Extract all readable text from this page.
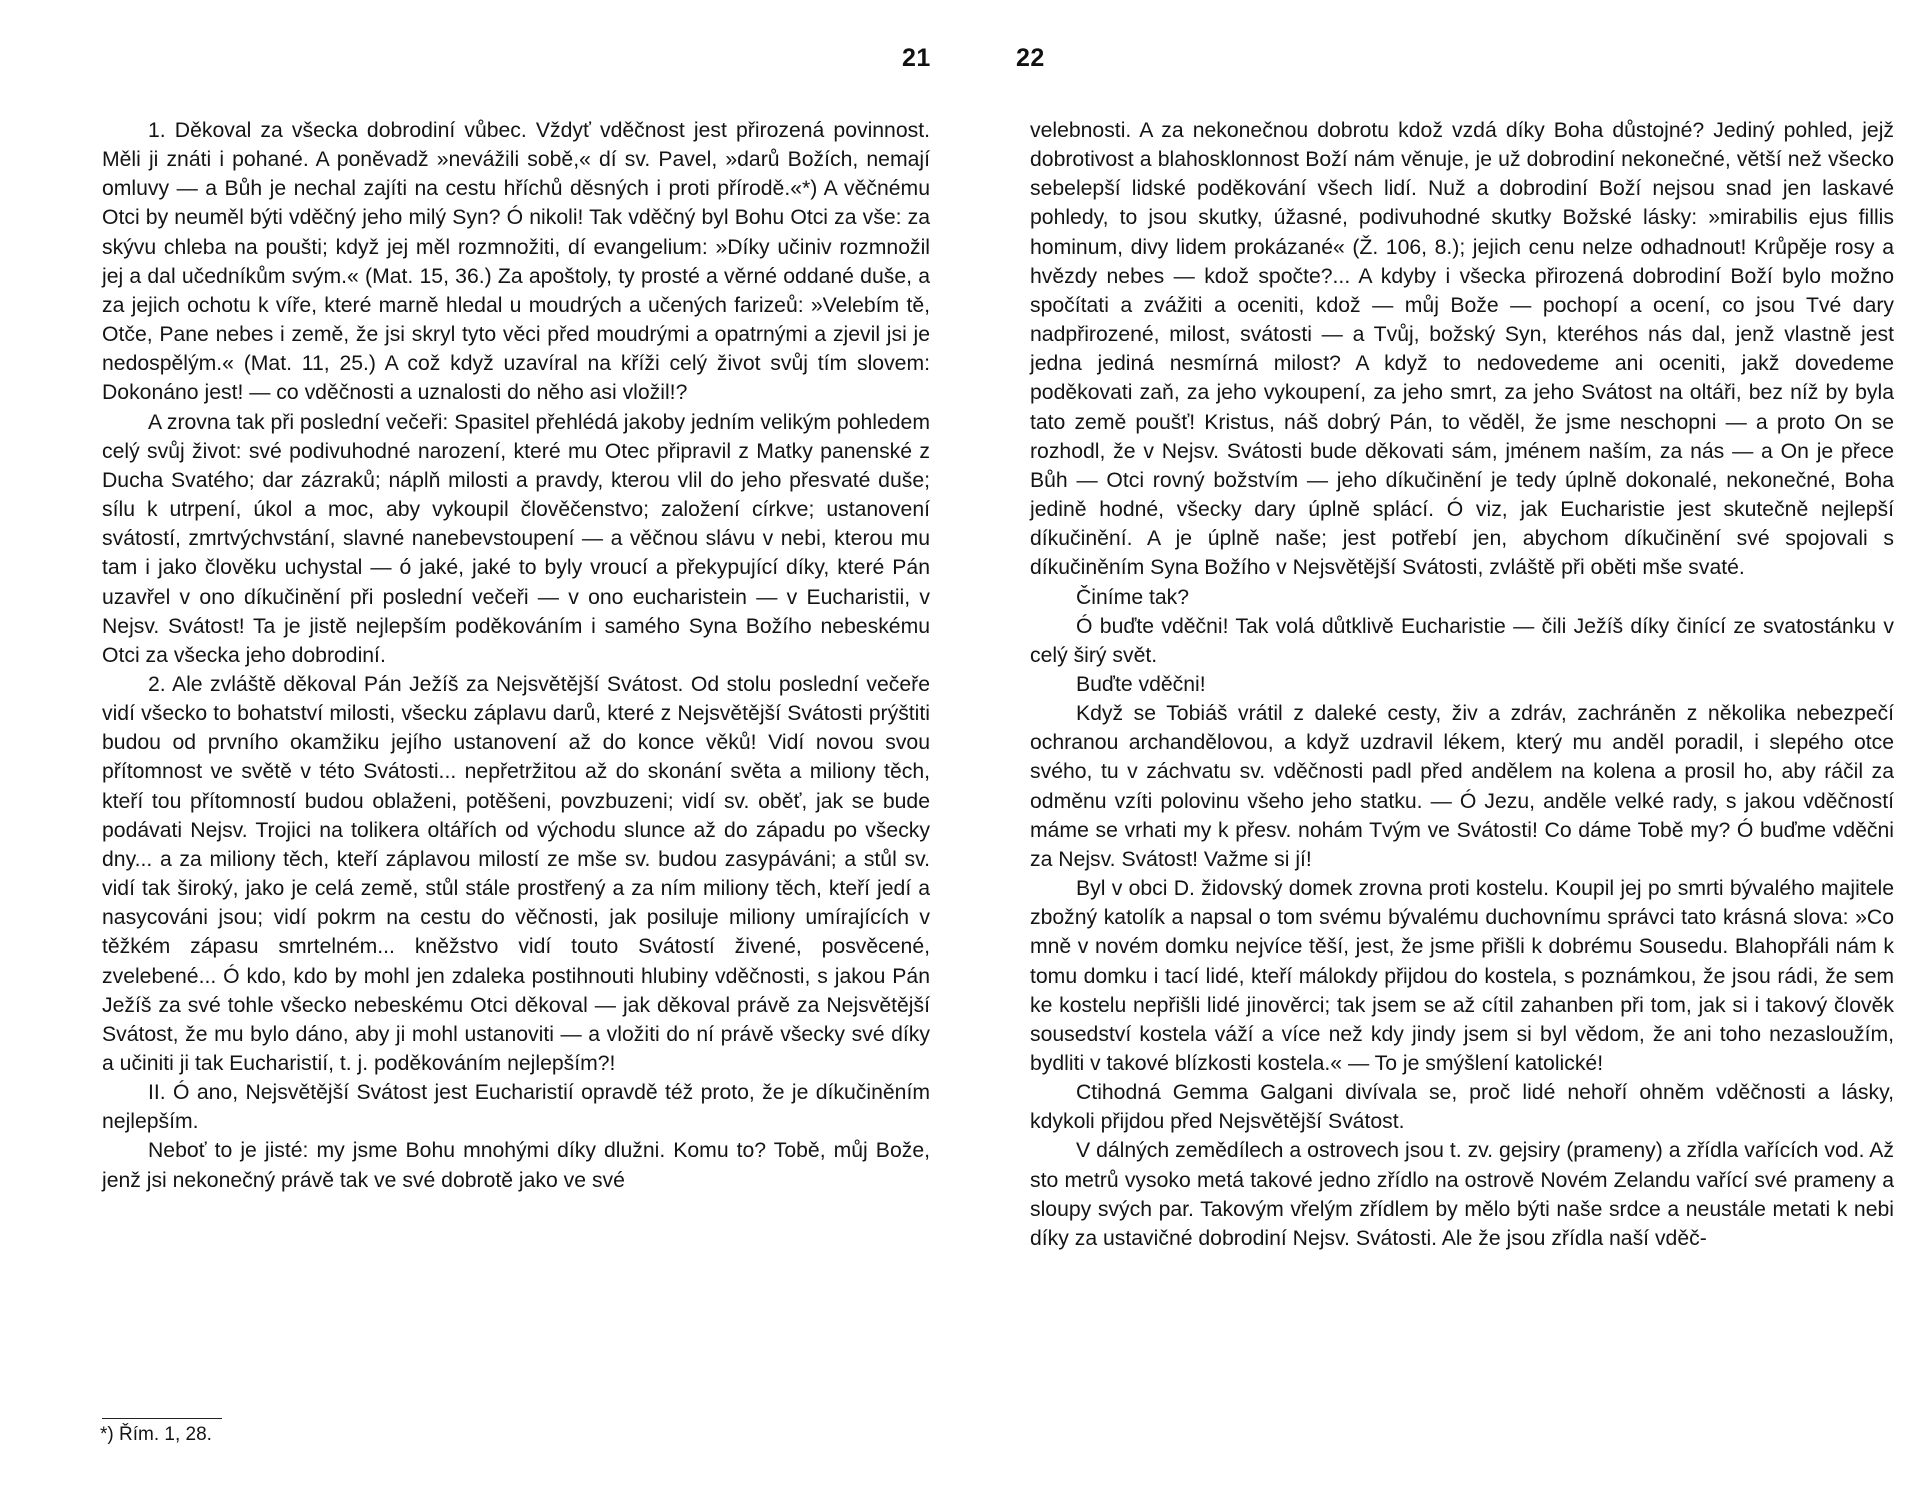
21	22

1. Děkoval za všecka dobrodiní vůbec. Vždyť vděčnost jest přirozená povinnost. Měli ji znáti i pohané. A poněvadž »nevážili sobě,« dí sv. Pavel, »darů Božích, nemají omluvy — a Bůh je nechal zajíti na cestu hříchů děsných i proti přírodě.«*) A věčnému Otci by neuměl býti vděčný jeho milý Syn? Ó nikoli! Tak vděčný byl Bohu Otci za vše: za skývu chleba na poušti; když jej měl rozmnožiti, dí evangelium: »Díky učiniv rozmnožil jej a dal učedníkům svým.« (Mat. 15, 36.) Za apoštoly, ty prosté a věrné oddané duše, a za jejich ochotu k víře, které marně hledal u moudrých a učených farizeů: »Velebím tě, Otče, Pane nebes i země, že jsi skryl tyto věci před moudrými a opatrnými a zjevil jsi je nedospělým.« (Mat. 11, 25.) A což když uzavíral na kříži celý život svůj tím slovem: Dokonáno jest! — co vděčnosti a uznalosti do něho asi vložil!?

A zrovna tak při poslední večeři: Spasitel přehlédá jakoby jedním velikým pohledem celý svůj život: své podivuhodné narození, které mu Otec připravil z Matky panenské z Ducha Svatého; dar zázraků; náplň milosti a pravdy, kterou vlil do jeho přesvaté duše; sílu k utrpení, úkol a moc, aby vykoupil člověčenstvo; založení církve; ustanovení svátostí, zmrtvýchvstání, slavné nanebevstoupení — a věčnou slávu v nebi, kterou mu tam i jako člověku uchystal — ó jaké, jaké to byly vroucí a překypující díky, které Pán uzavřel v ono díkučinění při poslední večeři — v ono eucharistein — v Eucharistii, v Nejsv. Svátost! Ta je jistě nejlepším poděkováním i samého Syna Božího nebeskému Otci za všecka jeho dobrodiní.

2. Ale zvláště děkoval Pán Ježíš za Nejsvětější Svátost. Od stolu poslední večeře vidí všecko to bohatství milosti, všecku záplavu darů, které z Nejsvětější Svátosti prýštiti budou od prvního okamžiku jejího ustanovení až do konce věků! Vidí novou svou přítomnost ve světě v této Svátosti... nepřetržitou až do skonání světa a miliony těch, kteří tou přítomností budou oblaženi, potěšeni, povzbuzeni; vidí sv. oběť, jak se bude podávati Nejsv. Trojici na tolikera oltářích od východu slunce až do západu po všecky dny... a za miliony těch, kteří záplavou milostí ze mše sv. budou zasypáváni; a stůl sv. vidí tak široký, jako je celá země, stůl stále prostřený a za ním miliony těch, kteří jedí a nasycováni jsou; vidí pokrm na cestu do věčnosti, jak posiluje miliony umírajících v těžkém zápasu smrtelném... kněžstvo vidí touto Svátostí živené, posvěcené, zvelebené... Ó kdo, kdo by mohl jen zdaleka postihnouti hlubiny vděčnosti, s jakou Pán Ježíš za své tohle všecko nebeskému Otci děkoval — jak děkoval právě za Nejsvětější Svátost, že mu bylo dáno, aby ji mohl ustanoviti — a vložiti do ní právě všecky své díky a učiniti ji tak Eucharistií, t. j. poděkováním nejlepším?!

II. Ó ano, Nejsvětější Svátost jest Eucharistií opravdě též proto, že je díkučiněním nejlepším.

Neboť to je jisté: my jsme Bohu mnohými díky dlužni. Komu to? Tobě, můj Bože, jenž jsi nekonečný právě tak ve své dobrotě jako ve své

*) Řím. 1, 28.

velebnosti. A za nekonečnou dobrotu kdož vzdá díky Boha důstojné? Jediný pohled, jejž dobrotivost a blahoskl​onnost Boží nám věnuje, je už dobrodiní nekonečné, větší než všecko sebelepší lidské poděkování všech lidí. Nuž a dobrodiní Boží nejsou snad jen laskavé pohledy, to jsou skutky, úžasné, podivuhodné skutky Božské lásky: »mirabilis ejus fillis hominum, divy lidem prokázané« (Ž. 106, 8.); jejich cenu nelze odhadnout! Krůpěje rosy a hvězdy nebes — kdož spočte?... A kdyby i všecka přirozená dobrodiní Boží bylo možno spočítati a zvážiti a oceniti, kdož — můj Bože — pochopí a ocení, co jsou Tvé dary nadpřirozené, milost, svátosti — a Tvůj, božský Syn, kteréhos nás dal, jenž vlastně jest jedna jediná nesmírná milost? A když to nedovedeme ani oceniti, jakž dovedeme poděkovati zaň, za jeho vykoupení, za jeho smrt, za jeho Svátost na oltáři, bez níž by byla tato země poušť! Kristus, náš dobrý Pán, to věděl, že jsme neschopni — a proto On se rozhodl, že v Nejsv. Svátosti bude děkovati sám, jménem naším, za nás — a On je přece Bůh — Otci rovný božstvím — jeho díkučinění je tedy úplně dokonalé, nekonečné, Boha jedině hodné, všecky dary úplně splácí. Ó viz, jak Eucharistie jest skutečně nejlepší díkučinění. A je úplně naše; jest potřebí jen, abychom díkučinění své spojovali s díkučiněním Syna Božího v Nejsvětější Svátosti, zvláště při oběti mše svaté.

Činíme tak?

Ó buďte vděčni! Tak volá důtklivě Eucharistie — čili Ježíš díky činící ze svatostánku v celý širý svět.

Buďte vděčni!

Když se Tobiáš vrátil z daleké cesty, živ a zdráv, zachráněn z několika nebezpečí ochranou archandělovou, a když uzdravil lékem, který mu anděl poradil, i slepého otce svého, tu v záchvatu sv. vděčnosti padl před andělem na kolena a prosil ho, aby ráčil za odměnu vzíti polovinu všeho jeho statku. — Ó Jezu, anděle velké rady, s jakou vděčností máme se vrhati my k přesv. nohám Tvým ve Svátosti! Co dáme Tobě my? Ó buďme vděčni za Nejsv. Svátost! Važme si jí!

Byl v obci D. židovský domek zrovna proti kostelu. Koupil jej po smrti bývalého majitele zbožný katolík a napsal o tom svému bývalému duchovnímu správci tato krásná slova: »Co mně v novém domku nejvíce těší, jest, že jsme přišli k dobrému Sousedu. Blahopřáli nám k tomu domku i tací lidé, kteří málokdy přijdou do kostela, s poznámkou, že jsou rádi, že sem ke kostelu nepřišli lidé jinověrci; tak jsem se až cítil zahanben při tom, jak si i takový člověk sousedství kostela váží a více než kdy jindy jsem si byl vědom, že ani toho nezasloužím, bydliti v takové blízkosti kostela.« — To je smýšlení katolické!

Ctihodná Gemma Galgani divívala se, proč lidé nehoří ohněm vděčnosti a lásky, kdykoli přijdou před Nejsvětější Svátost.

V dálných zemědílech a ostrovech jsou t. zv. gejsiry (prameny) a zřídla vařících vod. Až sto metrů vysoko metá takové jedno zřídlo na ostrově Novém Zelandu vařící své prameny a sloupy svých par. Takovým vřelým zřídlem by mělo býti naše srdce a neustále metati k nebi díky za ustavičné dobrodiní Nejsv. Svátosti. Ale že jsou zřídla naší vděč-
